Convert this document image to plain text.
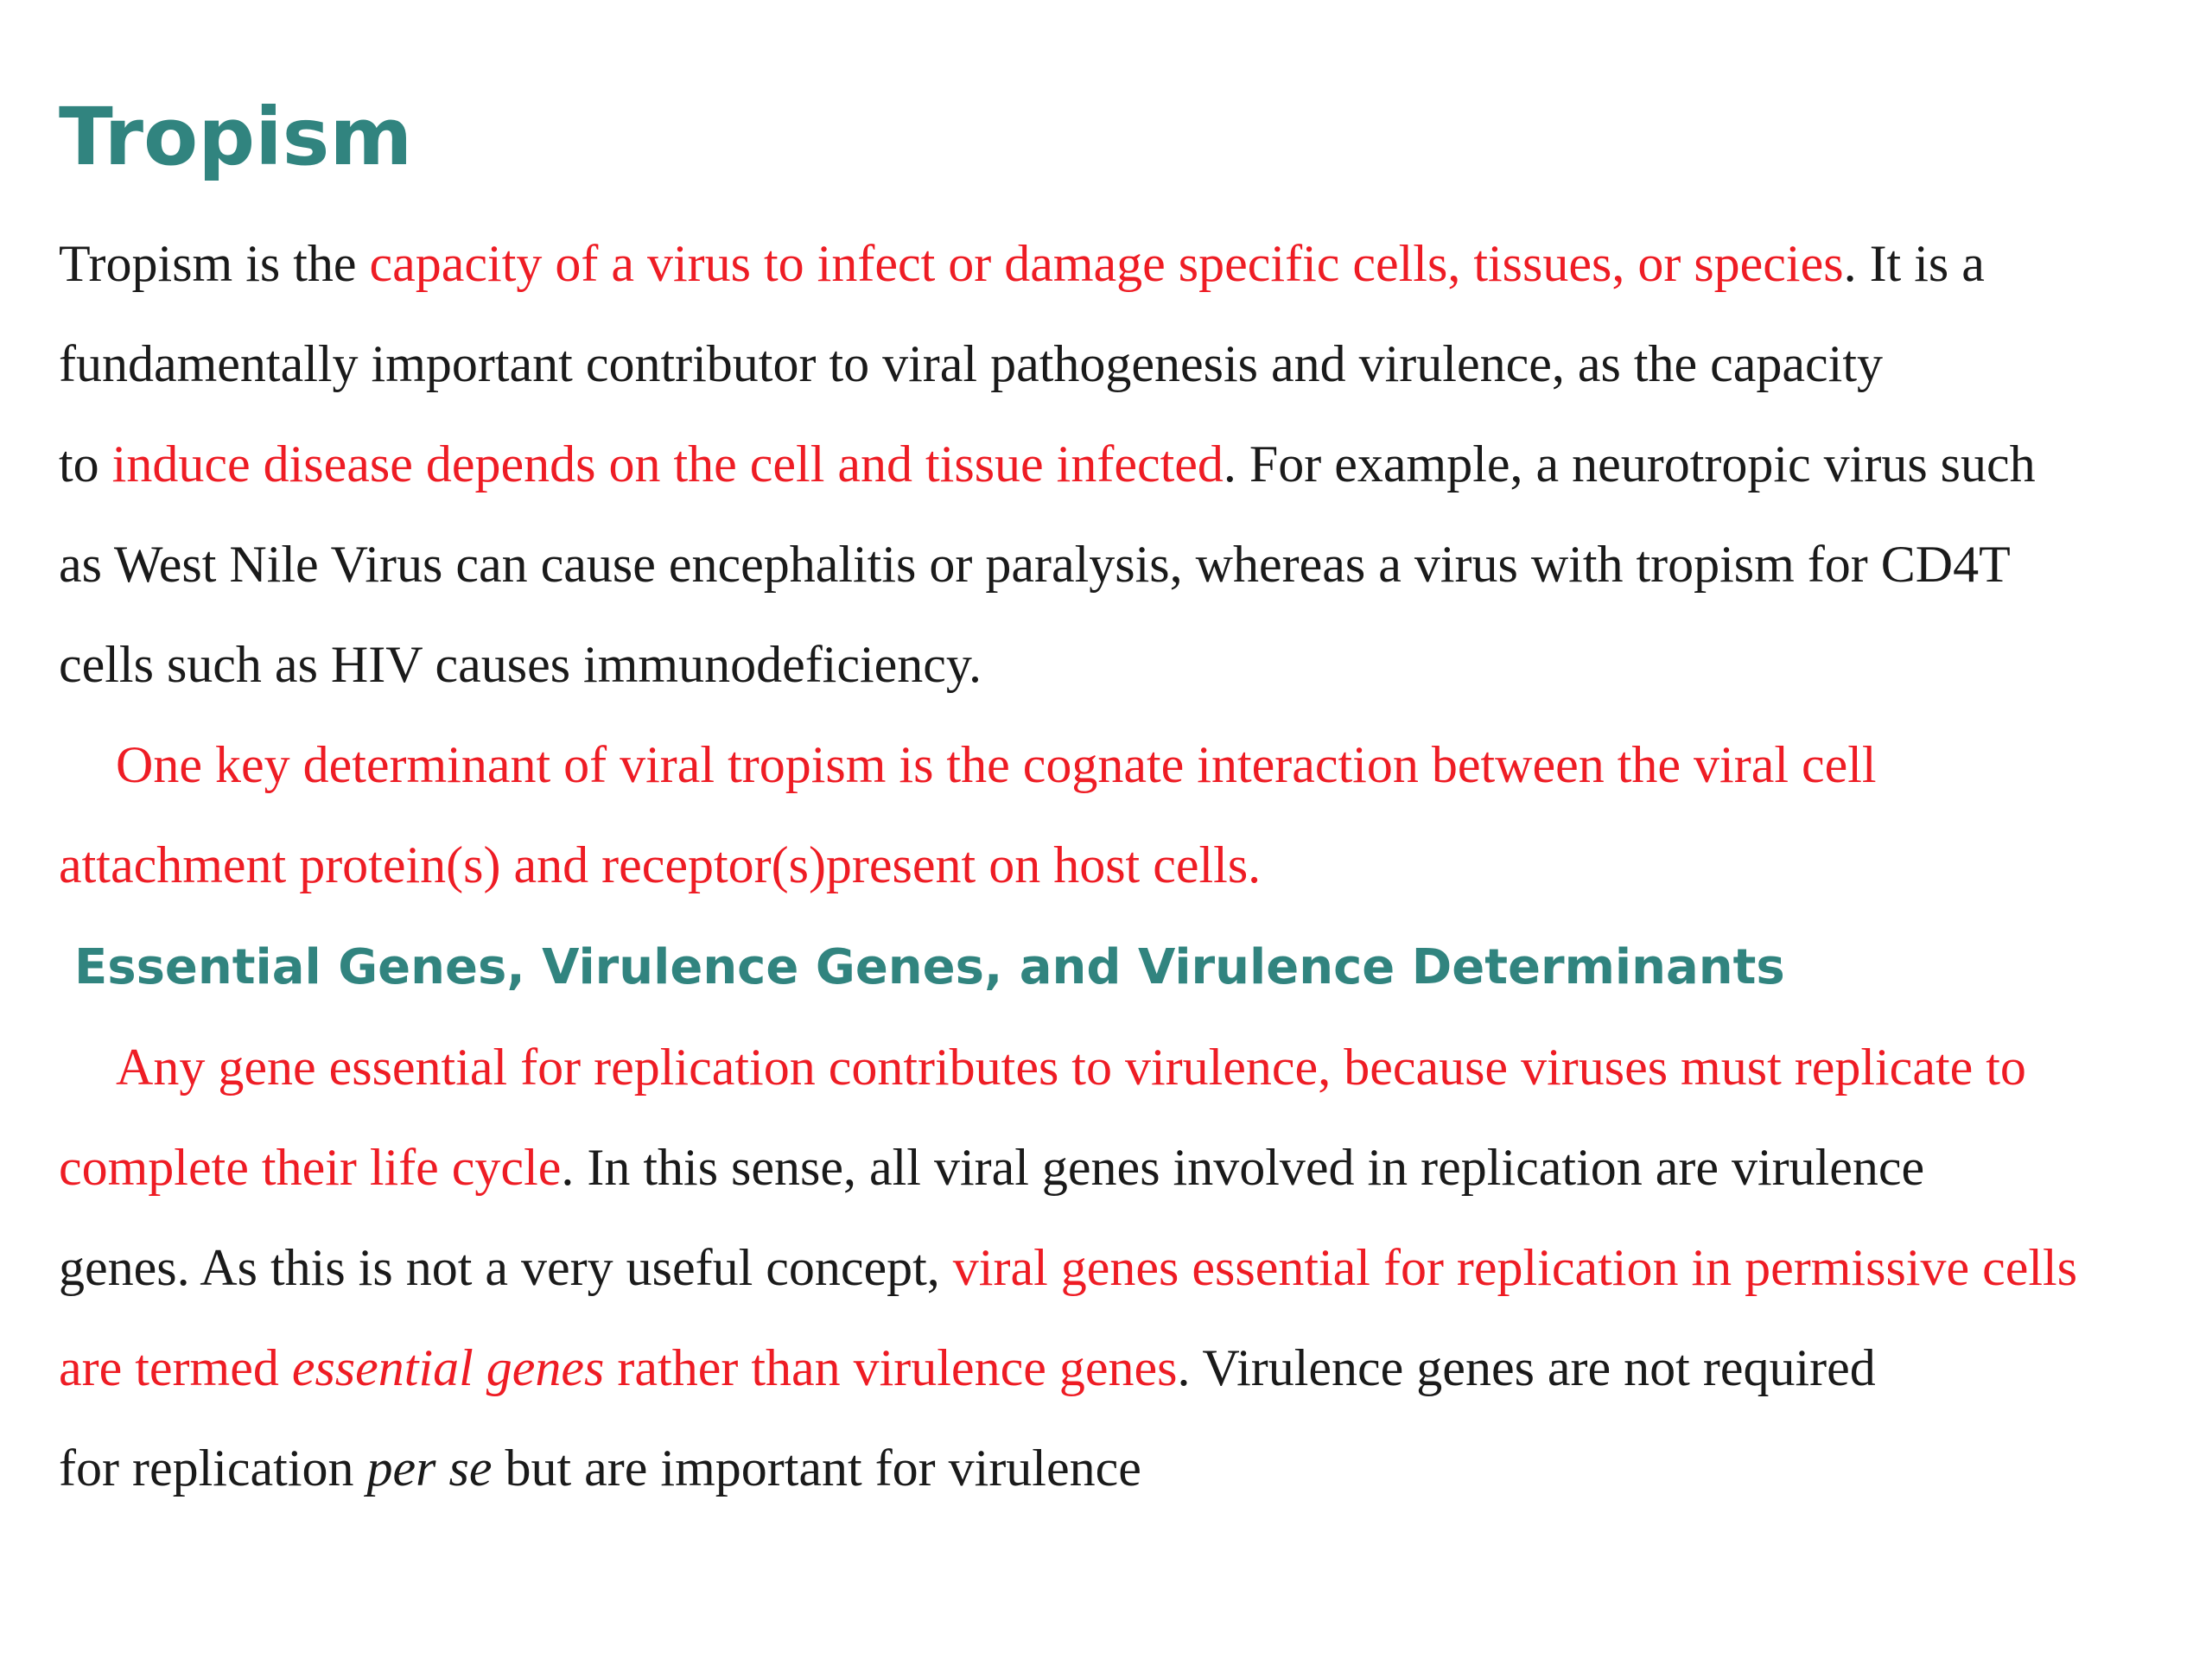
Tropism
Tropism is the capacity of a virus to infect or damage specific cells, tissues, or species. It is a
fundamentally important contributor to viral pathogenesis and virulence, as the capacity
to induce disease depends on the cell and tissue infected. For example, a neurotropic virus such
as West Nile Virus can cause encephalitis or paralysis, whereas a virus with tropism for CD4T
cells such as HIV causes immunodeficiency.
One key determinant of viral tropism is the cognate interaction between the viral cell
attachment protein(s) and receptor(s)present on host cells.
Essential Genes, Virulence Genes, and Virulence Determinants
Any gene essential for replication contributes to virulence, because viruses must replicate to
complete their life cycle. In this sense, all viral genes involved in replication are virulence
genes. As this is not a very useful concept, viral genes essential for replication in permissive cells
are termed essential genes rather than virulence genes. Virulence genes are not required
for replication per se but are important for virulence
